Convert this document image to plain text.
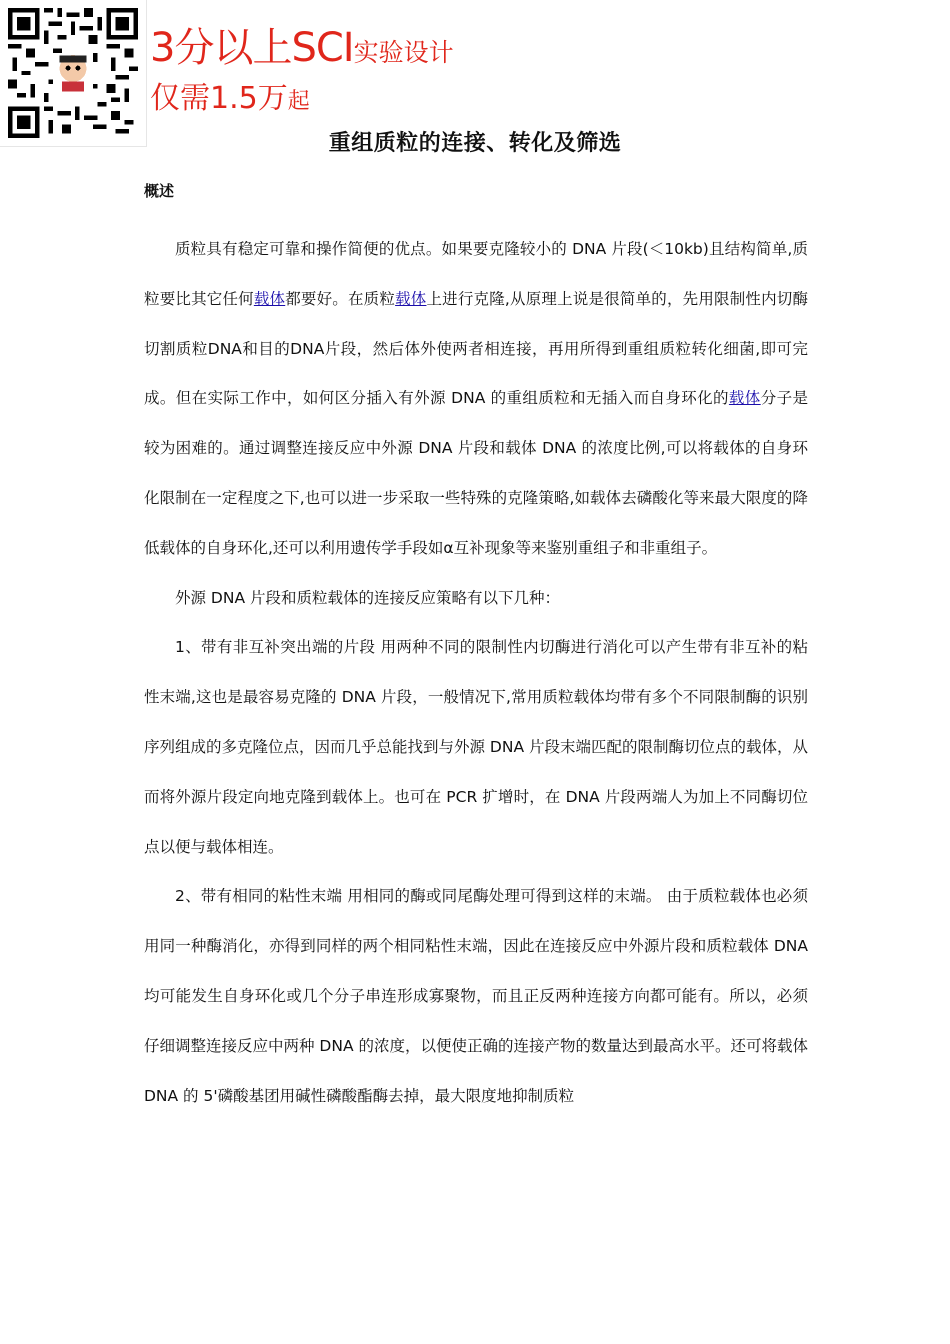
3分以上SCI实验设计
仅需1.5万起
重组质粒的连接、转化及筛选
概述

质粒具有稳定可靠和操作简便的优点。如果要克隆较小的 DNA 片段(＜10kb)且结构简单,质粒要比其它任何载体都要好。在质粒载体上进行克隆,从原理上说是很简单的，先用限制性内切酶切割质粒DNA和目的DNA片段，然后体外使两者相连接，再用所得到重组质粒转化细菌,即可完成。但在实际工作中，如何区分插入有外源 DNA 的重组质粒和无插入而自身环化的载体分子是较为困难的。通过调整连接反应中外源 DNA 片段和载体 DNA 的浓度比例,可以将载体的自身环化限制在一定程度之下,也可以进一步采取一些特殊的克隆策略,如载体去磷酸化等来最大限度的降低载体的自身环化,还可以利用遗传学手段如α互补现象等来鉴别重组子和非重组子。

外源 DNA 片段和质粒载体的连接反应策略有以下几种：

1、带有非互补突出端的片段 用两种不同的限制性内切酶进行消化可以产生带有非互补的粘性末端,这也是最容易克隆的 DNA 片段，一般情况下,常用质粒载体均带有多个不同限制酶的识别序列组成的多克隆位点，因而几乎总能找到与外源 DNA 片段末端匹配的限制酶切位点的载体，从而将外源片段定向地克隆到载体上。也可在 PCR 扩增时，在 DNA 片段两端人为加上不同酶切位点以便与载体相连。

2、带有相同的粘性末端 用相同的酶或同尾酶处理可得到这样的末端。 由于质粒载体也必须用同一种酶消化，亦得到同样的两个相同粘性末端，因此在连接反应中外源片段和质粒载体 DNA 均可能发生自身环化或几个分子串连形成寡聚物，而且正反两种连接方向都可能有。所以，必须仔细调整连接反应中两种 DNA 的浓度，以便使正确的连接产物的数量达到最高水平。还可将载体 DNA 的 5'磷酸基团用碱性磷酸酯酶去掉，最大限度地抑制质粒
